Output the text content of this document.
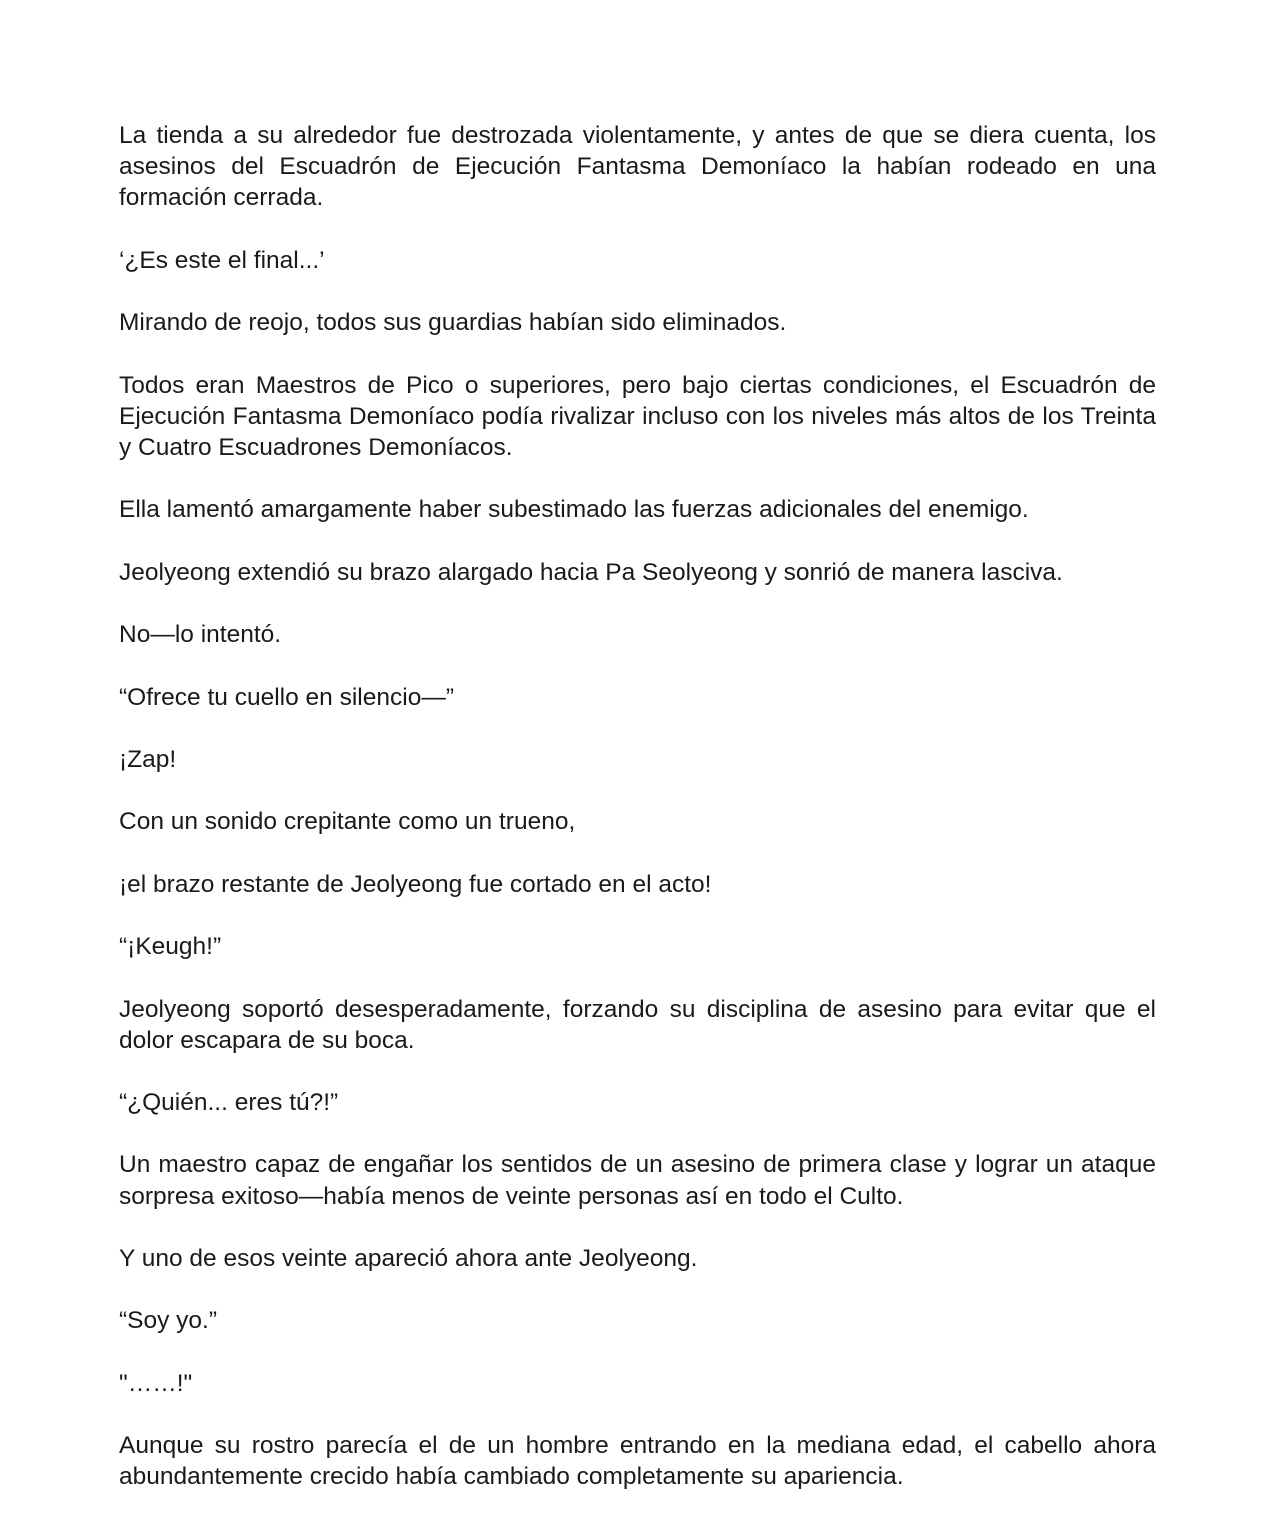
La tienda a su alrededor fue destrozada violentamente, y antes de que se diera cuenta, los asesinos del Escuadrón de Ejecución Fantasma Demoníaco la habían rodeado en una formación cerrada.

‘¿Es este el final...’

Mirando de reojo, todos sus guardias habían sido eliminados.

Todos eran Maestros de Pico o superiores, pero bajo ciertas condiciones, el Escuadrón de Ejecución Fantasma Demoníaco podía rivalizar incluso con los niveles más altos de los Treinta y Cuatro Escuadrones Demoníacos.

Ella lamentó amargamente haber subestimado las fuerzas adicionales del enemigo.

Jeolyeong extendió su brazo alargado hacia Pa Seolyeong y sonrió de manera lasciva.

No—lo intentó.

“Ofrece tu cuello en silencio—”

¡Zap!

Con un sonido crepitante como un trueno,

¡el brazo restante de Jeolyeong fue cortado en el acto!

“¡Keugh!”

Jeolyeong soportó desesperadamente, forzando su disciplina de asesino para evitar que el dolor escapara de su boca.

“¿Quién... eres tú?!”

Un maestro capaz de engañar los sentidos de un asesino de primera clase y lograr un ataque sorpresa exitoso—había menos de veinte personas así en todo el Culto.

Y uno de esos veinte apareció ahora ante Jeolyeong.

“Soy yo.”

"……!"

Aunque su rostro parecía el de un hombre entrando en la mediana edad, el cabello ahora abundantemente crecido había cambiado completamente su apariencia.
